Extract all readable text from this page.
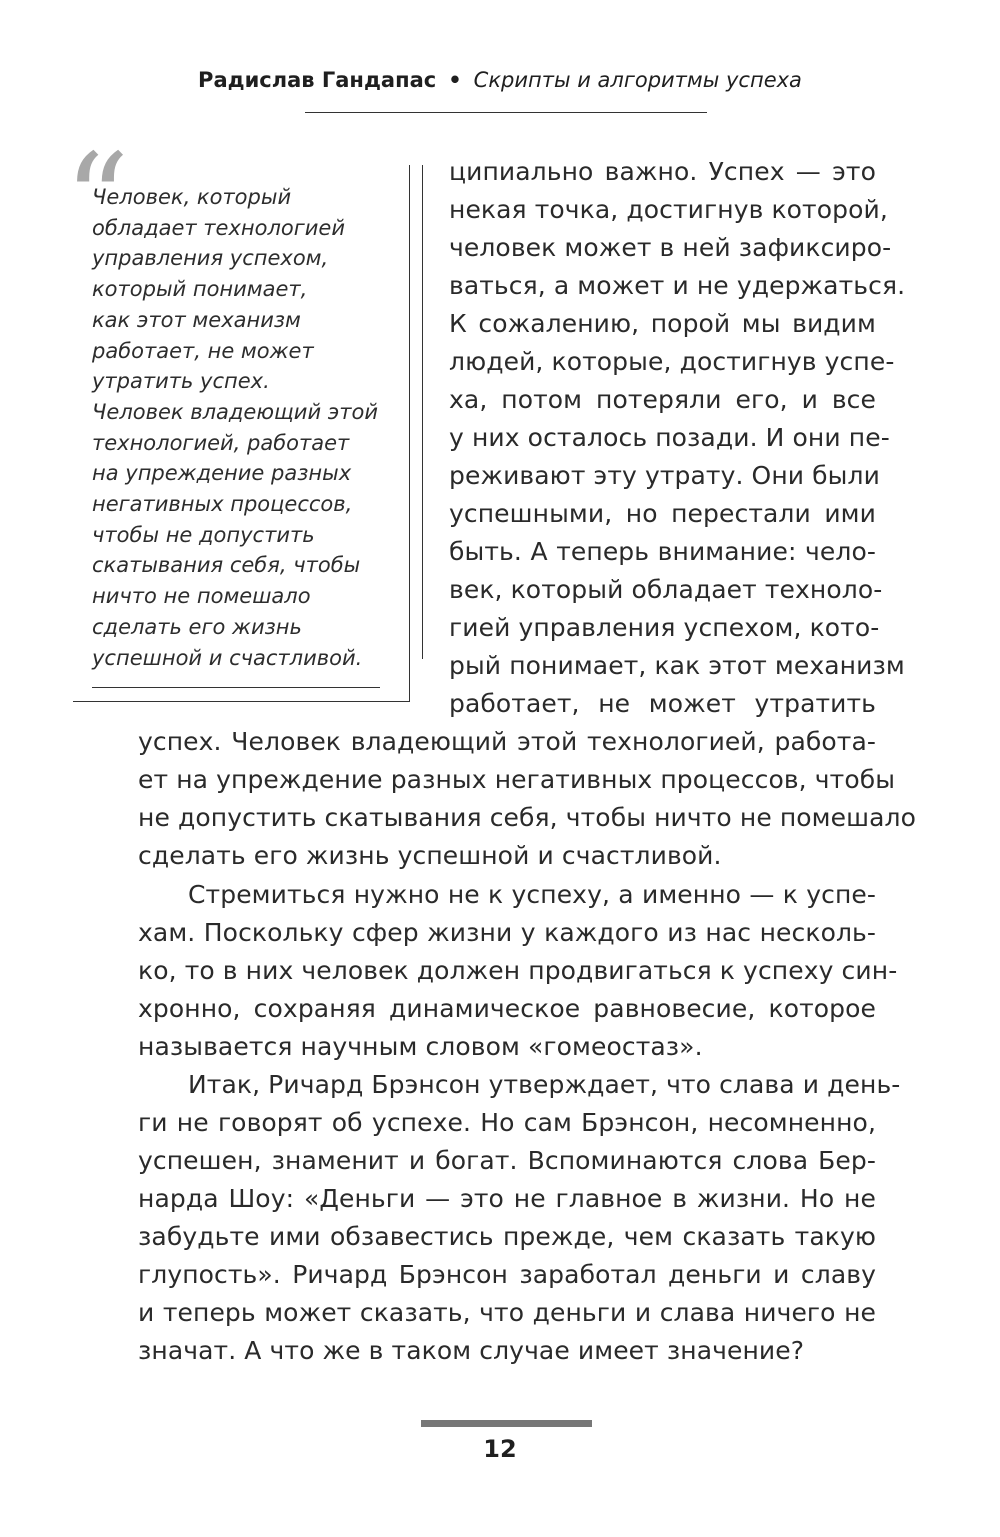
Радислав Гандапас • Скрипты и алгоритмы успеха
“
Человек, который
обладает технологией
управления успехом,
который понимает,
как этот механизм
работает, не может
утратить успех.
Человек владеющий этой
технологией, работает
на упреждение разных
негативных процессов,
чтобы не допустить
скатывания себя, чтобы
ничто не помешало
сделать его жизнь
успешной и счастливой.
ципиально важно. Успех — это
некая точка, достигнув которой,
человек может в ней зафиксиро-
ваться, а может и не удержаться.
К сожалению, порой мы видим
людей, которые, достигнув успе-
ха, потом потеряли его, и все
у них осталось позади. И они пе-
реживают эту утрату. Они были
успешными, но перестали ими
быть. А теперь внимание: чело-
век, который обладает техноло-
гией управления успехом, кото-
рый понимает, как этот механизм
работает, не может утратить
успех. Человек владеющий этой технологией, работа-
ет на упреждение разных негативных процессов, чтобы
не допустить скатывания себя, чтобы ничто не помешало
сделать его жизнь успешной и счастливой.
Стремиться нужно не к успеху, а именно — к успе-
хам. Поскольку сфер жизни у каждого из нас несколь-
ко, то в них человек должен продвигаться к успеху син-
хронно, сохраняя динамическое равновесие, которое
называется научным словом «гомеостаз».
Итак, Ричард Брэнсон утверждает, что слава и день-
ги не говорят об успехе. Но сам Брэнсон, несомненно,
успешен, знаменит и богат. Вспоминаются слова Бер-
нарда Шоу: «Деньги — это не главное в жизни. Но не
забудьте ими обзавестись прежде, чем сказать такую
глупость». Ричард Брэнсон заработал деньги и славу
и теперь может сказать, что деньги и слава ничего не
значат. А что же в таком случае имеет значение?
12
